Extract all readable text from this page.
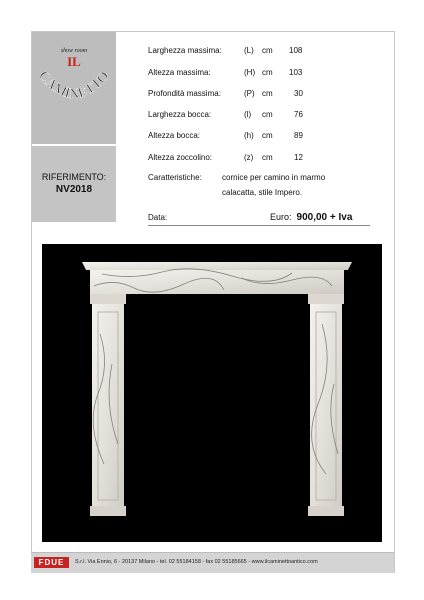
show room
IL
CAMINETTO
RIFERIMENTO:
NV2018
Larghezza massima:	(L) cm 108
Altezza massima:	(H) cm 103
Profondità massima:	(P) cm	30
Larghezza bocca:	(l) cm	76
Altezza bocca:	(h) cm	89
Altezza zoccolino:	(z) cm	12
Caratteristiche:	cornice per camino in marmo calacatta, stile Impero.
Data:	Euro: 900,00 + Iva
FDUE	S.r.l. Via Ennio, 6 - 20137 Milano - tel. 02 55184158 - fax 02 55185665 - www.ilcaminettoantico.com
